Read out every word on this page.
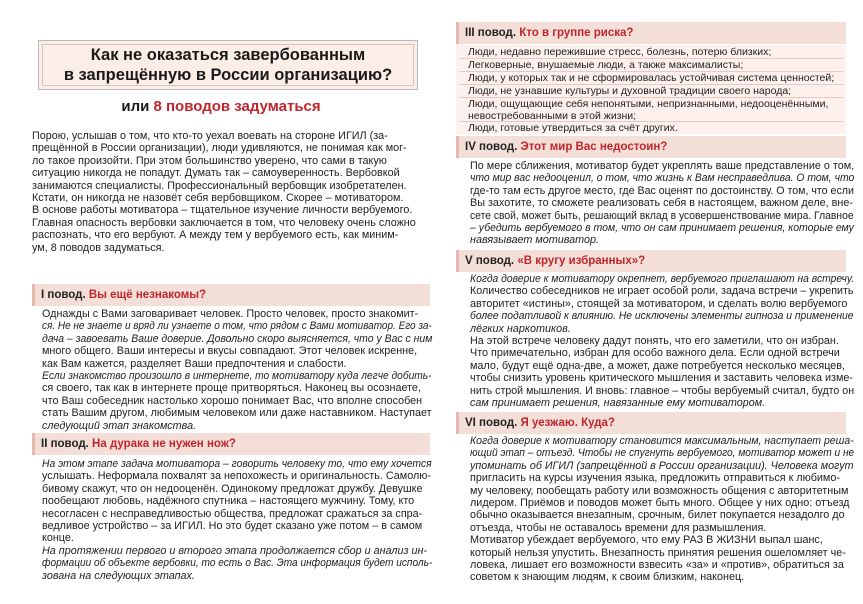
Как не оказаться завербованным
в запрещённую в России организацию?
или 8 поводов задуматься
Порою, услышав о том, что кто-то уехал воевать на стороне ИГИЛ (за-
прещённой в России организации), люди удивляются, не понимая как мог-
ло такое произойти. При этом большинство уверено, что сами в такую
ситуацию никогда не попадут. Думать так – самоуверенность. Вербовкой
занимаются специалисты. Профессиональный вербовщик изобретателен.
Кстати, он никогда не назовёт себя вербовщиком. Скорее – мотиватором.
В основе работы мотиватора – тщательное изучение личности вербуемого.
Главная опасность вербовки заключается в том, что человеку очень сложно
распознать, что его вербуют. А между тем у вербуемого есть, как миним-
ум, 8 поводов задуматься.
I повод. Вы ещё незнакомы?
Однажды с Вами заговаривает человек. Просто человек, просто знакомит-
ся. Не не знаете и вряд ли узнаете о том, что рядом с Вами мотиватор. Его за-
дача – завоевать Ваше доверие. Довольно скоро выясняется, что у Вас с ним
много общего. Ваши интересы и вкусы совпадают. Этот человек искренне,
как Вам кажется, разделяет Ваши предпочтения и слабости.
Если знакомство произошло в интернете, то мотиватору куда легче добить-
ся своего, так как в интернете проще притворяться. Наконец вы осознаете,
что Ваш собеседник настолько хорошо понимает Вас, что вполне способен
стать Вашим другом, любимым человеком или даже наставником. Наступает
следующий этап знакомства.
II повод. На дурака не нужен нож?
На этом этапе задача мотиватора – говорить человеку то, что ему хочется
услышать. Неформала похвалят за непохожесть и оригинальность. Самолю-
бивому скажут, что он недооценён. Одинокому предложат дружбу. Девушке
пообещают любовь, надёжного спутника – настоящего мужчину. Тому, кто
несогласен с несправедливостью общества, предложат сражаться за спра-
ведливое устройство – за ИГИЛ. Но это будет сказано уже потом – в самом
конце.
На протяжении первого и второго этапа продолжается сбор и анализ ин-
формации об объекте вербовки, то есть о Вас. Эта информация будет исполь-
зована на следующих этапах.
III повод. Кто в группе риска?
Люди, недавно пережившие стресс, болезнь, потерю близких;
Легковерные, внушаемые люди, а также максималисты;
Люди, у которых так и не сформировалась устойчивая система ценностей;
Люди, не узнавшие культуры и духовной традиции своего народа;
Люди, ощущающие себя непонятыми, непризнанными, недооценёнными,
невостребованными в этой жизни;
Люди, готовые утвердиться за счёт других.
IV повод. Этот мир Вас недостоин?
По мере сближения, мотиватор будет укреплять ваше представление о том,
что мир вас недооценил, о том, что жизнь к Вам несправедлива. О том, что
где-то там есть другое место, где Вас оценят по достоинству. О том, что если
Вы захотите, то сможете реализовать себя в настоящем, важном деле, вне-
сете свой, может быть, решающий вклад в усовершенствование мира. Главное
– убедить вербуемого в том, что он сам принимает решения, которые ему
навязывает мотиватор.
V повод. «В кругу избранных»?
Когда доверие к мотиватору окрепнет, вербуемого приглашают на встречу.
Количество собеседников не играет особой роли, задача встречи – укрепить
авторитет «истины», стоящей за мотиватором, и сделать волю вербуемого
более податливой к влиянию. Не исключены элементы гипноза и применение
лёгких наркотиков.
На этой встрече человеку дадут понять, что его заметили, что он избран.
Что примечательно, избран для особо важного дела. Если одной встречи
мало, будут ещё одна-две, а может, даже потребуется несколько месяцев,
чтобы снизить уровень критического мышления и заставить человека изме-
нить строй мышления. И вновь: главное – чтобы вербуемый считал, будто он
сам принимает решения, навязанные ему мотиватором.
VI повод. Я уезжаю. Куда?
Когда доверие к мотиватору становится максимальным, наступает реша-
ющий этап – отъезд. Чтобы не спугнуть вербуемого, мотиватор может и не
упоминать об ИГИЛ (запрещённой в России организации). Человека могут
пригласить на курсы изучения языка, предложить отправиться к любимо-
му человеку, пообещать работу или возможность общения с авторитетным
лидером. Приёмов и поводов может быть много. Общее у них одно: отъезд
обычно оказывается внезапным, срочным, билет покупается незадолго до
отъезда, чтобы не оставалось времени для размышления.
Мотиватор убеждает вербуемого, что ему РАЗ В ЖИЗНИ выпал шанс,
который нельзя упустить. Внезапность принятия решения ошеломляет че-
ловека, лишает его возможности взвесить «за» и «против», обратиться за
советом к знающим людям, к своим близким, наконец.
